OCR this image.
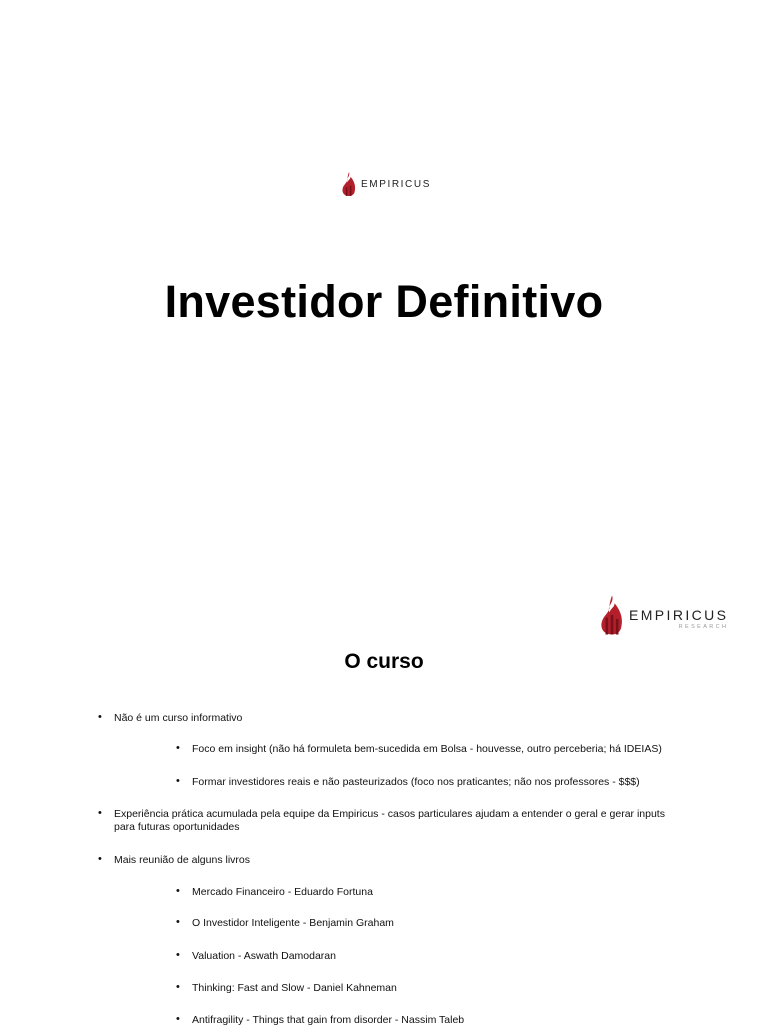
EMPIRICUS
Investidor Definitivo
EMPIRICUS
RESEARCH
O curso
• Não é um curso informativo
• Foco em insight (não há formuleta bem-sucedida em Bolsa - houvesse, outro perceberia; há IDEIAS)
• Formar investidores reais e não pasteurizados (foco nos praticantes; não nos professores - $$$)
• Experiência prática acumulada pela equipe da Empiricus - casos particulares ajudam a entender o geral e gerar inputs para futuras oportunidades
• Mais reunião de alguns livros
• Mercado Financeiro - Eduardo Fortuna
• O Investidor Inteligente - Benjamin Graham
• Valuation - Aswath Damodaran
• Thinking: Fast and Slow - Daniel Kahneman
• Antifragility - Things that gain from disorder - Nassim Taleb
